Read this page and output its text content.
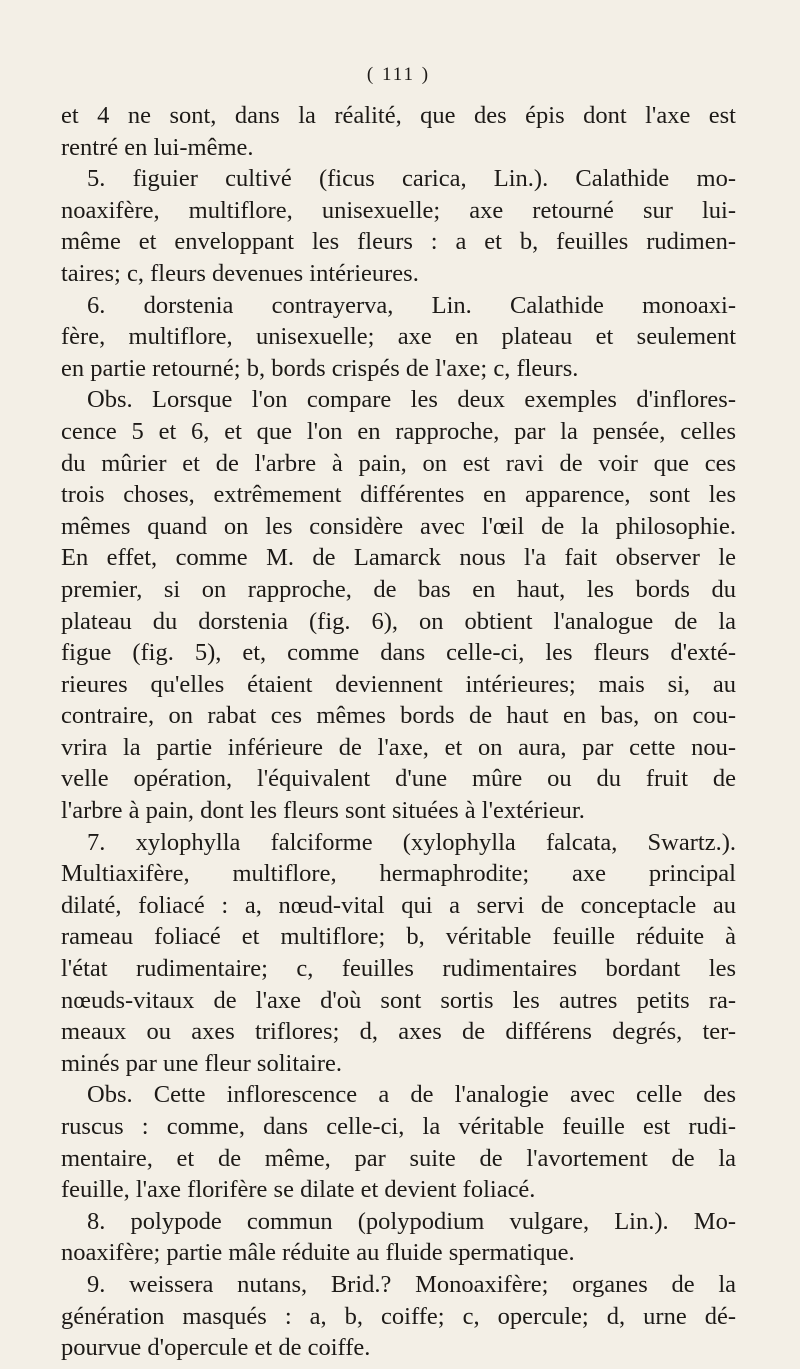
( 111 )
et 4 ne sont, dans la réalité, que des épis dont l'axe est
rentré en lui-même.
5. figuier cultivé (ficus carica, Lin.). Calathide mo-
noaxifère, multiflore, unisexuelle; axe retourné sur lui-
même et enveloppant les fleurs : a et b, feuilles rudimen-
taires; c, fleurs devenues intérieures.
6. dorstenia contrayerva, Lin. Calathide monoaxi-
fère, multiflore, unisexuelle; axe en plateau et seulement
en partie retourné; b, bords crispés de l'axe; c, fleurs.
Obs. Lorsque l'on compare les deux exemples d'inflores-
cence 5 et 6, et que l'on en rapproche, par la pensée, celles
du mûrier et de l'arbre à pain, on est ravi de voir que ces
trois choses, extrêmement différentes en apparence, sont les
mêmes quand on les considère avec l'œil de la philosophie.
En effet, comme M. de Lamarck nous l'a fait observer le
premier, si on rapproche, de bas en haut, les bords du
plateau du dorstenia (fig. 6), on obtient l'analogue de la
figue (fig. 5), et, comme dans celle-ci, les fleurs d'exté-
rieures qu'elles étaient deviennent intérieures; mais si, au
contraire, on rabat ces mêmes bords de haut en bas, on cou-
vrira la partie inférieure de l'axe, et on aura, par cette nou-
velle opération, l'équivalent d'une mûre ou du fruit de
l'arbre à pain, dont les fleurs sont situées à l'extérieur.
7. xylophylla falciforme (xylophylla falcata, Swartz.).
Multiaxifère, multiflore, hermaphrodite; axe principal
dilaté, foliacé : a, nœud-vital qui a servi de conceptacle au
rameau foliacé et multiflore; b, véritable feuille réduite à
l'état rudimentaire; c, feuilles rudimentaires bordant les
nœuds-vitaux de l'axe d'où sont sortis les autres petits ra-
meaux ou axes triflores; d, axes de différens degrés, ter-
minés par une fleur solitaire.
Obs. Cette inflorescence a de l'analogie avec celle des
ruscus : comme, dans celle-ci, la véritable feuille est rudi-
mentaire, et de même, par suite de l'avortement de la
feuille, l'axe florifère se dilate et devient foliacé.
8. polypode commun (polypodium vulgare, Lin.). Mo-
noaxifère; partie mâle réduite au fluide spermatique.
9. weissera nutans, Brid.? Monoaxifère; organes de la
génération masqués : a, b, coiffe; c, opercule; d, urne dé-
pourvue d'opercule et de coiffe.
